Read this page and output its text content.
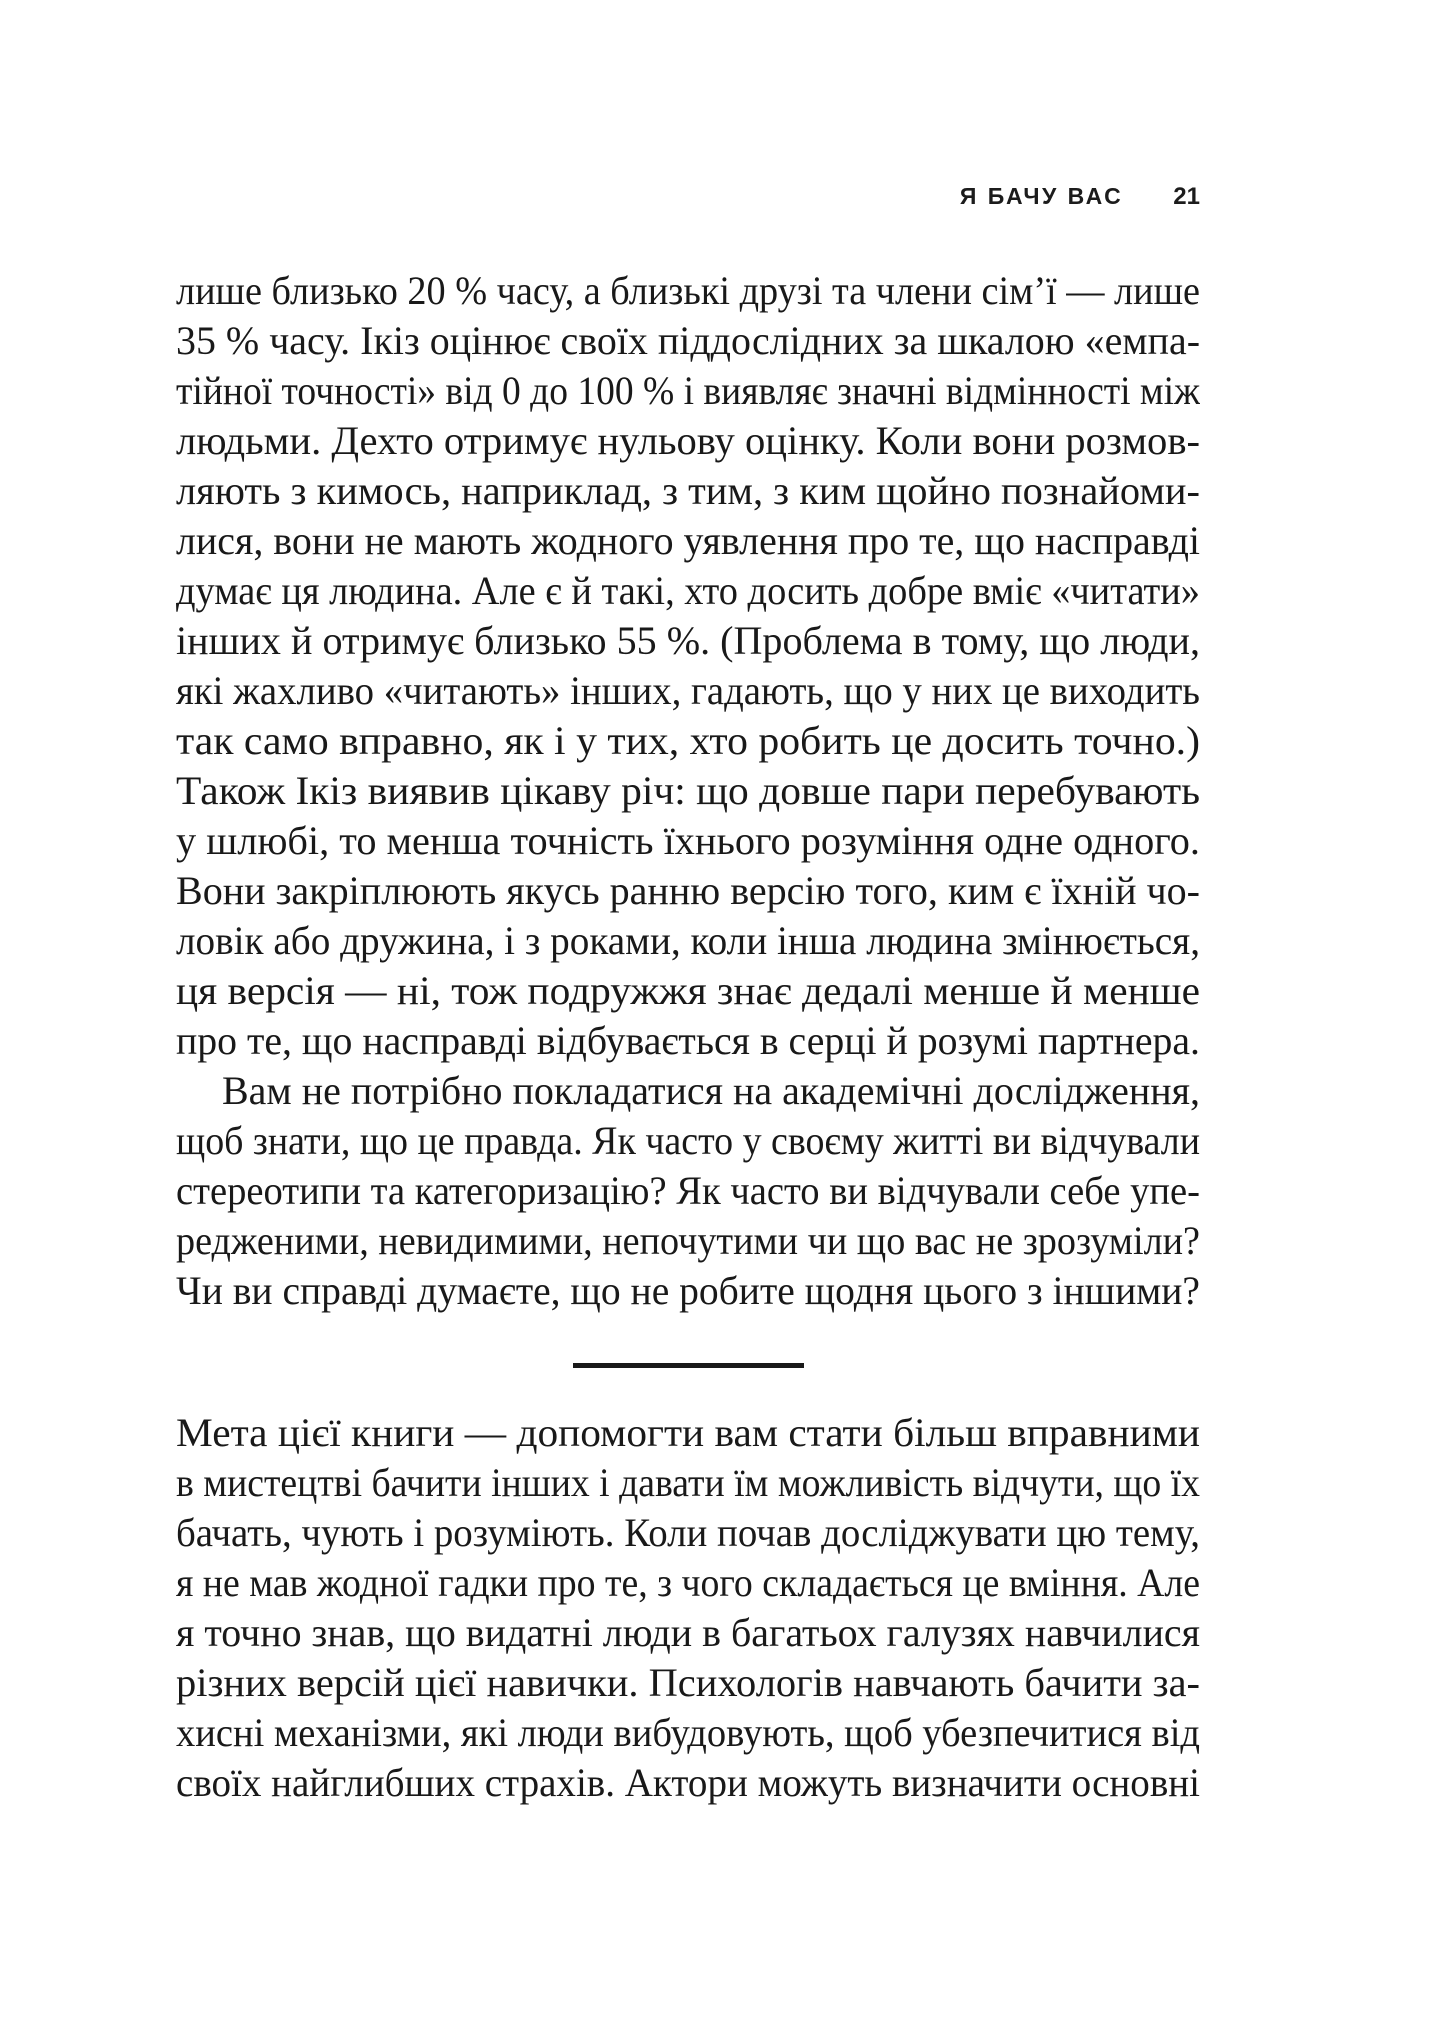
Я БАЧУ ВАС 21
лише близько 20 % часу, а близькі друзі та члени сім’ї — лише
35 % часу. Ікіз оцінює своїх піддослідних за шкалою «емпа-
тійної точності» від 0 до 100 % і виявляє значні відмінності між
людьми. Дехто отримує нульову оцінку. Коли вони розмов-
ляють з кимось, наприклад, з тим, з ким щойно познайоми-
лися, вони не мають жодного уявлення про те, що насправді
думає ця людина. Але є й такі, хто досить добре вміє «читати»
інших й отримує близько 55 %. (Проблема в тому, що люди,
які жахливо «читають» інших, гадають, що у них це виходить
так само вправно, як і у тих, хто робить це досить точно.)
Також Ікіз виявив цікаву річ: що довше пари перебувають
у шлюбі, то менша точність їхнього розуміння одне одного.
Вони закріплюють якусь ранню версію того, ким є їхній чо-
ловік або дружина, і з роками, коли інша людина змінюється,
ця версія — ні, тож подружжя знає дедалі менше й менше
про те, що насправді відбувається в серці й розумі партнера.
Вам не потрібно покладатися на академічні дослідження,
щоб знати, що це правда. Як часто у своєму житті ви відчували
стереотипи та категоризацію? Як часто ви відчували себе упе-
редженими, невидимими, непочутими чи що вас не зрозуміли?
Чи ви справді думаєте, що не робите щодня цього з іншими?
Мета цієї книги — допомогти вам стати більш вправними
в мистецтві бачити інших і давати їм можливість відчути, що їх
бачать, чують і розуміють. Коли почав досліджувати цю тему,
я не мав жодної гадки про те, з чого складається це вміння. Але
я точно знав, що видатні люди в багатьох галузях навчилися
різних версій цієї навички. Психологів навчають бачити за-
хисні механізми, які люди вибудовують, щоб убезпечитися від
своїх найглибших страхів. Актори можуть визначити основні
